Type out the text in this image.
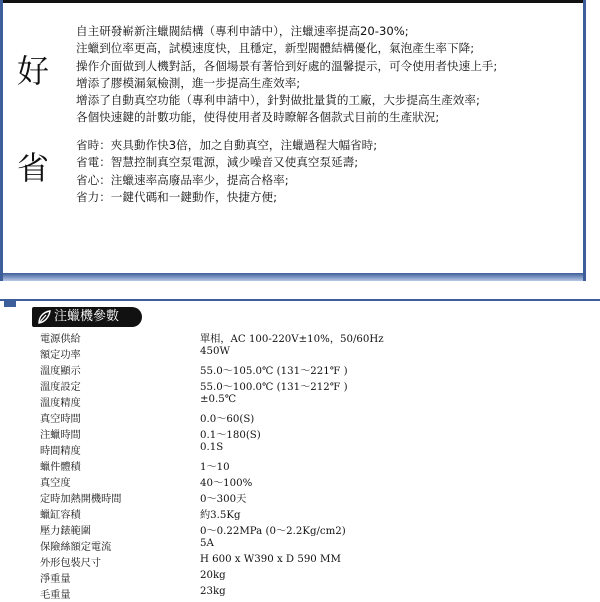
好
自主研發嶄新注蠟閥結構（專利申請中），注蠟速率提高20-30%;
注蠟到位率更高，試模速度快，且穩定，新型閥體結構優化，氣泡產生率下降;
操作介面做到人機對話，各個場景有著恰到好處的溫馨提示，可令使用者快速上手;
增添了膠模漏氣檢測，進一步提高生產效率;
增添了自動真空功能（專利申請中），針對做批量貨的工廠，大步提高生產效率;
各個快速鍵的計數功能，使得使用者及時瞭解各個款式目前的生產狀況;
省
省時：夾具動作快3倍，加之自動真空，注蠟過程大幅省時;
省電：智慧控制真空泵電源，減少噪音又使真空泵延壽;
省心：注蠟速率高廢品率少，提高合格率;
省力：一鍵代碼和一鍵動作，快捷方便;
注蠟機參數
電源供給	單相，AC 100-220V±10%，50/60Hz
額定功率	450W
溫度顯示	55.0～105.0℃ (131～221℉ )
溫度設定	55.0～100.0℃ (131～212℉ )
溫度精度	±0.5℃
真空時間	0.0～60(S)
注蠟時間	0.1～180(S)
時間精度	0.1S
蠟件體積	1～10
真空度	40～100%
定時加熱開機時間	0～300天
蠟缸容積	約3.5Kg
壓力錶範圍	0～0.22MPa (0～2.2Kg/cm2)
保險絲額定電流	5A
外形包裝尺寸	H 600 x W390 x D 590 MM
淨重量	20kg
毛重量	23kg
